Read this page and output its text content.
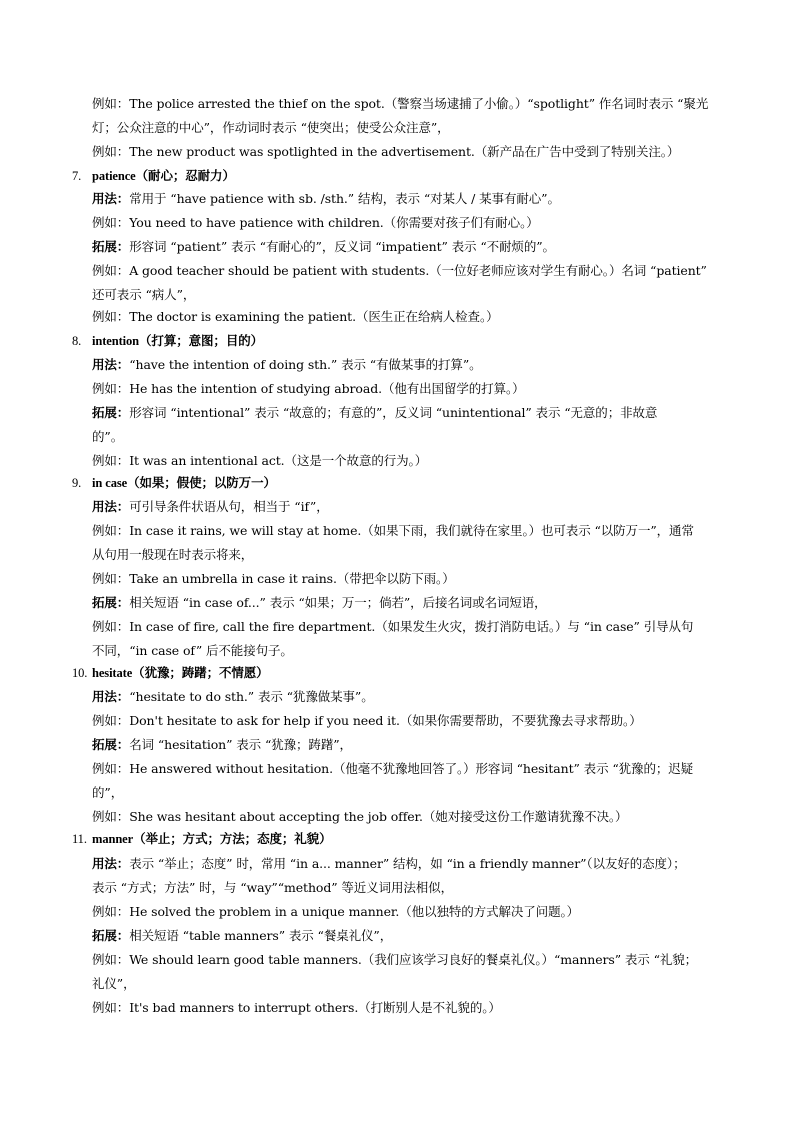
例如：The police arrested the thief on the spot.（警察当场逮捕了小偷。）“spotlight” 作名词时表示 “聚光
灯；公众注意的中心”，作动词时表示 “使突出；使受公众注意”，
例如：The new product was spotlighted in the advertisement.（新产品在广告中受到了特别关注。）
7. patience（耐心；忍耐力）
用法：常用于 “have patience with sb. /sth.” 结构，表示 “对某人 / 某事有耐心”。
例如：You need to have patience with children.（你需要对孩子们有耐心。）
拓展：形容词 “patient” 表示 “有耐心的”，反义词 “impatient” 表示 “不耐烦的”。
例如：A good teacher should be patient with students.（一位好老师应该对学生有耐心。）名词 “patient”
还可表示 “病人”，
例如：The doctor is examining the patient.（医生正在给病人检查。）
8. intention（打算；意图；目的）
用法：“have the intention of doing sth.” 表示 “有做某事的打算”。
例如：He has the intention of studying abroad.（他有出国留学的打算。）
拓展：形容词 “intentional” 表示 “故意的；有意的”，反义词 “unintentional” 表示 “无意的；非故意
的”。
例如：It was an intentional act.（这是一个故意的行为。）
9. in case（如果；假使；以防万一）
用法：可引导条件状语从句，相当于 “if”，
例如：In case it rains, we will stay at home.（如果下雨，我们就待在家里。）也可表示 “以防万一”，通常
从句用一般现在时表示将来，
例如：Take an umbrella in case it rains.（带把伞以防下雨。）
拓展：相关短语 “in case of...” 表示 “如果；万一；倘若”，后接名词或名词短语，
例如：In case of fire, call the fire department.（如果发生火灾，拨打消防电话。）与 “in case” 引导从句
不同，“in case of” 后不能接句子。
10. hesitate（犹豫；踌躇；不情愿）
用法：“hesitate to do sth.” 表示 “犹豫做某事”。
例如：Don't hesitate to ask for help if you need it.（如果你需要帮助，不要犹豫去寻求帮助。）
拓展：名词 “hesitation” 表示 “犹豫；踌躇”，
例如：He answered without hesitation.（他毫不犹豫地回答了。）形容词 “hesitant” 表示 “犹豫的；迟疑
的”，
例如：She was hesitant about accepting the job offer.（她对接受这份工作邀请犹豫不决。）
11. manner（举止；方式；方法；态度；礼貌）
用法：表示 “举止；态度” 时，常用 “in a... manner” 结构，如 “in a friendly manner”（以友好的态度）；
表示 “方式；方法” 时，与 “way”“method” 等近义词用法相似，
例如：He solved the problem in a unique manner.（他以独特的方式解决了问题。）
拓展：相关短语 “table manners” 表示 “餐桌礼仪”，
例如：We should learn good table manners.（我们应该学习良好的餐桌礼仪。）“manners” 表示 “礼貌；
礼仪”，
例如：It's bad manners to interrupt others.（打断别人是不礼貌的。）
